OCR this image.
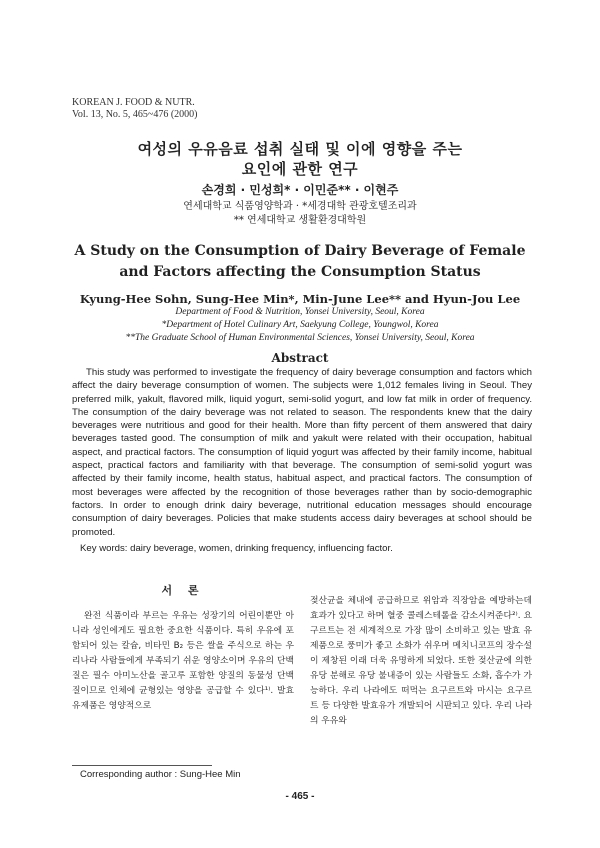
KOREAN J. FOOD & NUTR.
Vol. 13, No. 5, 465~476 (2000)
여성의 우유음료 섭취 실태 및 이에 영향을 주는
요인에 관한 연구
손경희 · 민성희* · 이민준** · 이현주
연세대학교 식품영양학과 · *세경대학 관광호텔조리과
** 연세대학교 생활환경대학원
A Study on the Consumption of Dairy Beverage of Female
and Factors affecting the Consumption Status
Kyung-Hee Sohn, Sung-Hee Min*, Min-June Lee** and Hyun-Jou Lee
Department of Food & Nutrition, Yonsei University, Seoul, Korea
*Department of Hotel Culinary Art, Saekyung College, Youngwol, Korea
**The Graduate School of Human Environmental Sciences, Yonsei University, Seoul, Korea
Abstract

This study was performed to investigate the frequency of dairy beverage consumption and factors which affect the dairy beverage consumption of women. The subjects were 1,012 females living in Seoul. They preferred milk, yakult, flavored milk, liquid yogurt, semi-solid yogurt, and low fat milk in order of frequency. The consumption of the dairy beverage was not related to season. The respondents knew that the dairy beverages were nutritious and good for their health. More than fifty percent of them answered that dairy beverages tasted good. The consumption of milk and yakult were related with their occupation, habitual aspect, and practical factors. The consumption of liquid yogurt was affected by their family income, habitual aspect, practical factors and familiarity with that beverage. The consumption of semi-solid yogurt was affected by their family income, health status, habitual aspect, and practical factors. The consumption of most beverages were affected by the recognition of those beverages rather than by socio-demographic factors. In order to enough drink dairy beverage, nutritional education messages should encourage consumption of dairy beverages. Policies that make students access dairy beverages at school should be promoted.

Key words: dairy beverage, women, drinking frequency, influencing factor.
서 론

완전 식품이라 부르는 우유는 성장기의 어린이뿐만 아니라 성인에게도 필요한 중요한 식품이다. 특히 우유에 포함되어 있는 칼슘, 비타민 B₂ 등은 쌀을 주식으로 하는 우리나라 사람들에게 부족되기 쉬운 영양소이며 우유의 단백질은 필수 아미노산을 골고루 포함한 양질의 동물성 단백질이므로 인체에 균형있는 영양을 공급할 수 있다¹⁾. 발효 유제품은 영양적으로

젖산균을 체내에 공급하므로 위암과 직장암을 예방하는데 효과가 있다고 하며 혈중 콜레스테롤을 감소시켜준다²⁾. 요구르트는 전 세계적으로 가장 많이 소비하고 있는 발효 유제품으로 풍미가 좋고 소화가 쉬우며 메치니코프의 장수설이 제창된 이래 더욱 유명하게 되었다. 또한 젖산균에 의한 유당 분해로 유당 불내증이 있는 사람들도 소화, 흡수가 가능하다. 우리 나라에도 떠먹는 요구르트와 마시는 요구르트 등 다양한 발효유가 개발되어 시판되고 있다. 우리 나라의 우유와

Corresponding author : Sung-Hee Min
- 465 -
